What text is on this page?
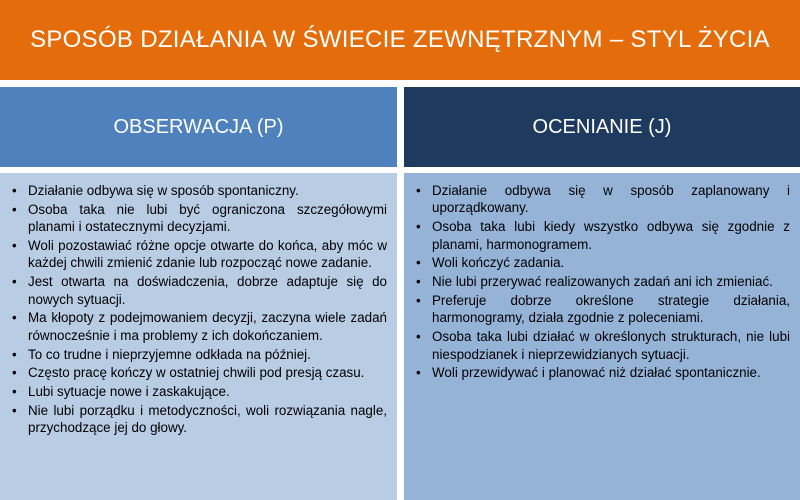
SPOSÓB DZIAŁANIA W ŚWIECIE ZEWNĘTRZNYM – STYL ŻYCIA
OBSERWACJA (P)	OCENIANIE (J)
• Działanie odbywa się w sposób spontaniczny.
• Osoba taka nie lubi być ograniczona szczegółowymi planami i ostatecznymi decyzjami.
• Woli pozostawiać różne opcje otwarte do końca, aby móc w każdej chwili zmienić zdanie lub rozpocząć nowe zadanie.
• Jest otwarta na doświadczenia, dobrze adaptuje się do nowych sytuacji.
• Ma kłopoty z podejmowaniem decyzji, zaczyna wiele zadań równocześnie i ma problemy z ich dokończaniem.
• To co trudne i nieprzyjemne odkłada na później.
• Często pracę kończy w ostatniej chwili pod presją czasu.
• Lubi sytuacje nowe i zaskakujące.
• Nie lubi porządku i metodyczności, woli rozwiązania nagle, przychodzące jej do głowy.
• Działanie odbywa się w sposób zaplanowany i uporządkowany.
• Osoba taka lubi kiedy wszystko odbywa się zgodnie z planami, harmonogramem.
• Woli kończyć zadania.
• Nie lubi przerywać realizowanych zadań ani ich zmieniać.
• Preferuje dobrze określone strategie działania, harmonogramy, działa zgodnie z poleceniami.
• Osoba taka lubi działać w określonych strukturach, nie lubi niespodzianek i nieprzewidzianych sytuacji.
• Woli przewidywać i planować niż działać spontanicznie.
